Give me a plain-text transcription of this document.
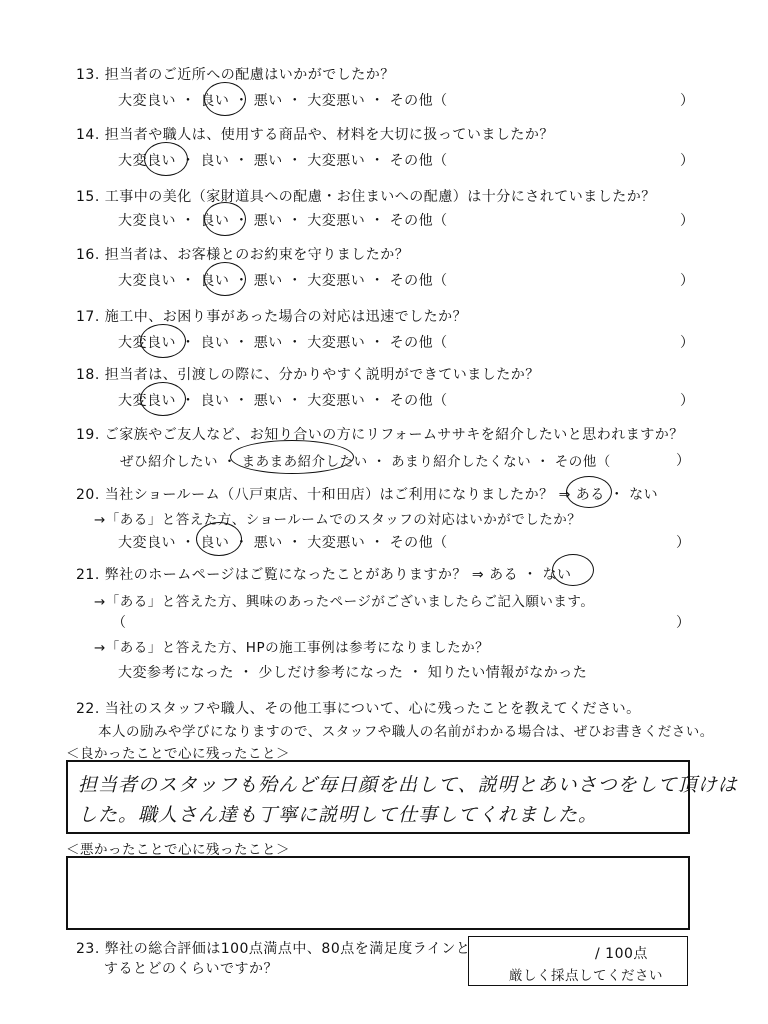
13. 担当者のご近所への配慮はいかがでしたか？
大変良い ・ 良い ・ 悪い ・ 大変悪い ・ その他（	）
14. 担当者や職人は、使用する商品や、材料を大切に扱っていましたか？
大変良い ・ 良い ・ 悪い ・ 大変悪い ・ その他（	）
15. 工事中の美化（家財道具への配慮・お住まいへの配慮）は十分にされていましたか？
大変良い ・ 良い ・ 悪い ・ 大変悪い ・ その他（	）
16. 担当者は、お客様とのお約束を守りましたか？
大変良い ・ 良い ・ 悪い ・ 大変悪い ・ その他（	）
17. 施工中、お困り事があった場合の対応は迅速でしたか？
大変良い ・ 良い ・ 悪い ・ 大変悪い ・ その他（	）
18. 担当者は、引渡しの際に、分かりやすく説明ができていましたか？
大変良い ・ 良い ・ 悪い ・ 大変悪い ・ その他（	）
19. ご家族やご友人など、お知り合いの方にリフォームササキを紹介したいと思われますか？
ぜひ紹介したい ・ まあまあ紹介したい ・ あまり紹介したくない ・ その他（	）
20. 当社ショールーム（八戸東店、十和田店）はご利用になりましたか？ ⇒ ある ・ ない
→「ある」と答えた方、ショールームでのスタッフの対応はいかがでしたか？
大変良い ・ 良い ・ 悪い ・ 大変悪い ・ その他（	）
21. 弊社のホームページはご覧になったことがありますか？ ⇒ ある ・ ない
→「ある」と答えた方、興味のあったページがございましたらご記入願います。
（	）
→「ある」と答えた方、HPの施工事例は参考になりましたか？
大変参考になった ・ 少しだけ参考になった ・ 知りたい情報がなかった
22. 当社のスタッフや職人、その他工事について、心に残ったことを教えてください。
本人の励みや学びになりますので、スタッフや職人の名前がわかる場合は、ぜひお書きください。
＜良かったことで心に残ったこと＞
担当者のスタッフも殆んど毎日顔を出して、説明とあいさつをして頂けは
した。職人さん達も丁寧に説明して仕事してくれました。
＜悪かったことで心に残ったこと＞
23. 弊社の総合評価は100点満点中、80点を満足度ラインと
するとどのくらいですか？
/ 100点
厳しく採点してください
